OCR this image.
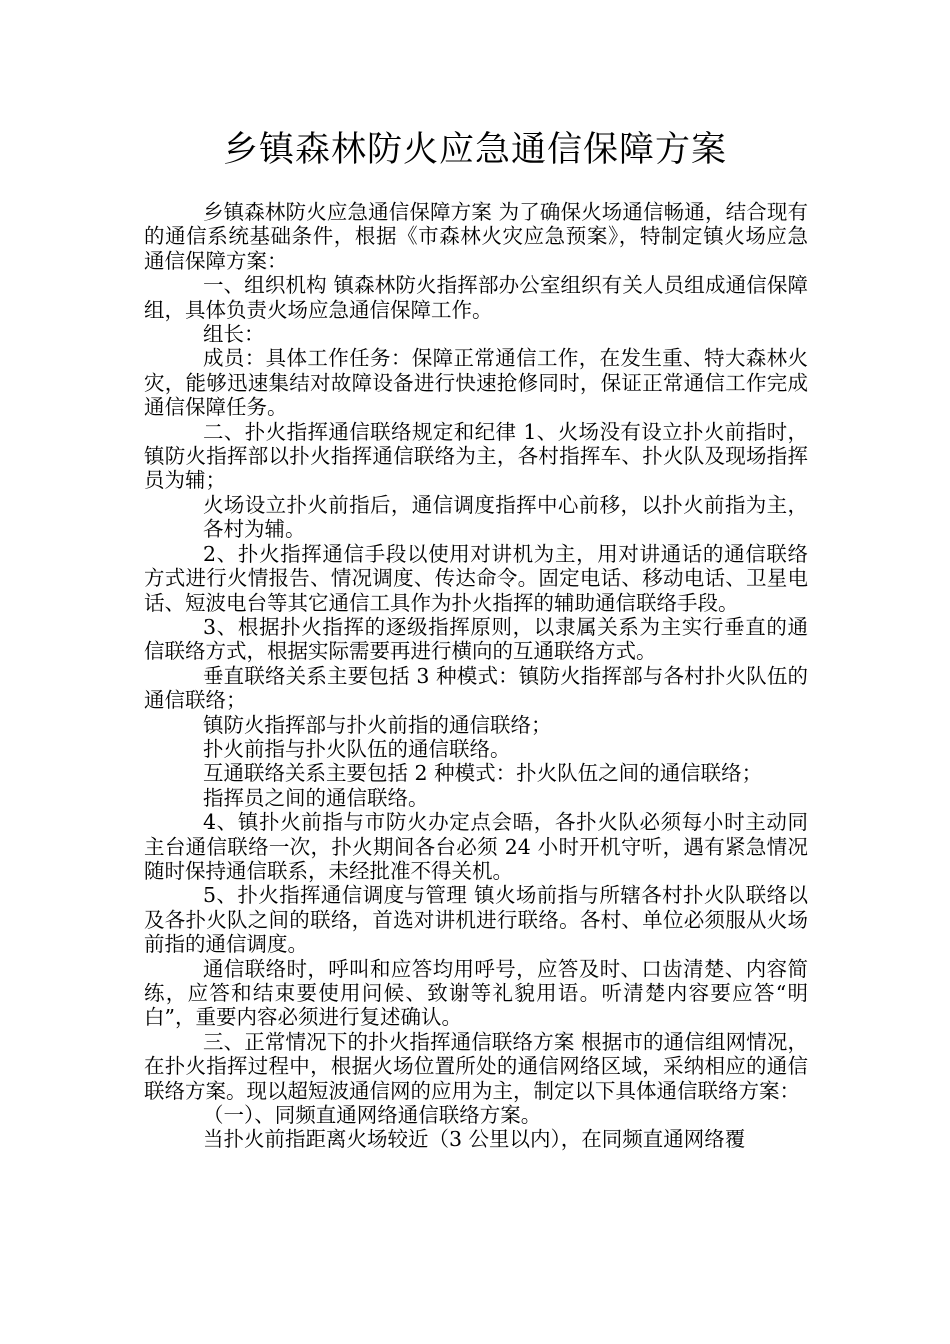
乡镇森林防火应急通信保障方案

乡镇森林防火应急通信保障方案 为了确保火场通信畅通，结合现有的通信系统基础条件，根据《市森林火灾应急预案》，特制定镇火场应急通信保障方案：

一、组织机构 镇森林防火指挥部办公室组织有关人员组成通信保障组，具体负责火场应急通信保障工作。

组长：

成员：具体工作任务：保障正常通信工作，在发生重、特大森林火灾，能够迅速集结对故障设备进行快速抢修同时，保证正常通信工作完成通信保障任务。

二、扑火指挥通信联络规定和纪律 1、火场没有设立扑火前指时，镇防火指挥部以扑火指挥通信联络为主，各村指挥车、扑火队及现场指挥员为辅；

火场设立扑火前指后，通信调度指挥中心前移，以扑火前指为主，各村为辅。

2、扑火指挥通信手段以使用对讲机为主，用对讲通话的通信联络方式进行火情报告、情况调度、传达命令。固定电话、移动电话、卫星电话、短波电台等其它通信工具作为扑火指挥的辅助通信联络手段。

3、根据扑火指挥的逐级指挥原则，以隶属关系为主实行垂直的通信联络方式，根据实际需要再进行横向的互通联络方式。

垂直联络关系主要包括 3 种模式：镇防火指挥部与各村扑火队伍的通信联络；

镇防火指挥部与扑火前指的通信联络；

扑火前指与扑火队伍的通信联络。

互通联络关系主要包括 2 种模式：扑火队伍之间的通信联络；

指挥员之间的通信联络。

4、镇扑火前指与市防火办定点会晤，各扑火队必须每小时主动同主台通信联络一次，扑火期间各台必须 24 小时开机守听，遇有紧急情况随时保持通信联系，未经批准不得关机。

5、扑火指挥通信调度与管理 镇火场前指与所辖各村扑火队联络以及各扑火队之间的联络，首选对讲机进行联络。各村、单位必须服从火场前指的通信调度。

通信联络时，呼叫和应答均用呼号，应答及时、口齿清楚、内容简练，应答和结束要使用问候、致谢等礼貌用语。听清楚内容要应答“明白”，重要内容必须进行复述确认。

三、正常情况下的扑火指挥通信联络方案 根据市的通信组网情况，在扑火指挥过程中，根据火场位置所处的通信网络区域，采纳相应的通信联络方案。现以超短波通信网的应用为主，制定以下具体通信联络方案：

（一）、同频直通网络通信联络方案。

当扑火前指距离火场较近（3 公里以内），在同频直通网络覆
